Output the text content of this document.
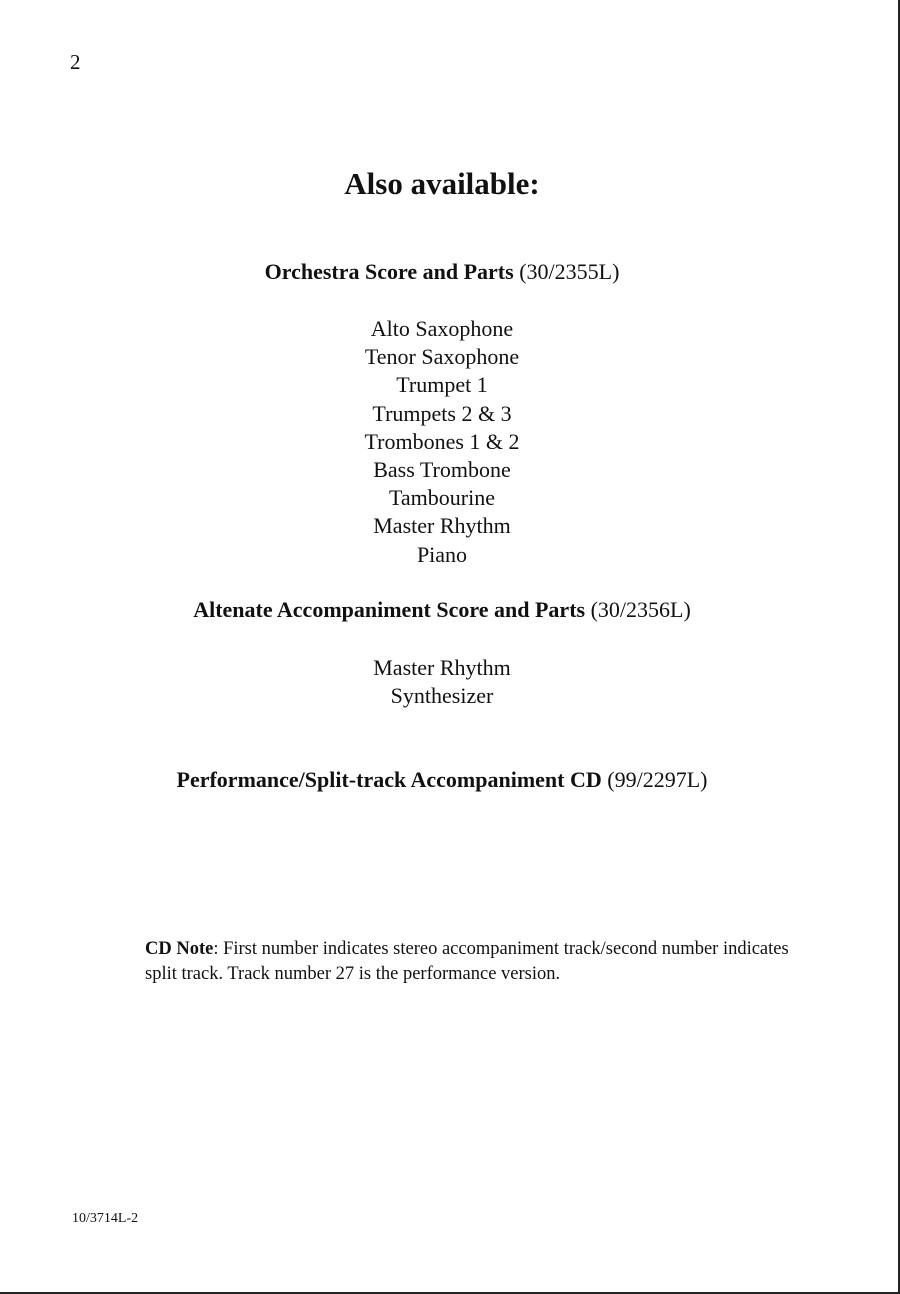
2
Also available:
Orchestra Score and Parts (30/2355L)
Alto Saxophone
Tenor Saxophone
Trumpet 1
Trumpets 2 & 3
Trombones 1 & 2
Bass Trombone
Tambourine
Master Rhythm
Piano
Altenate Accompaniment Score and Parts (30/2356L)
Master Rhythm
Synthesizer
Performance/Split-track Accompaniment CD (99/2297L)
CD Note: First number indicates stereo accompaniment track/second number indicates split track. Track number 27 is the performance version.
10/3714L-2
